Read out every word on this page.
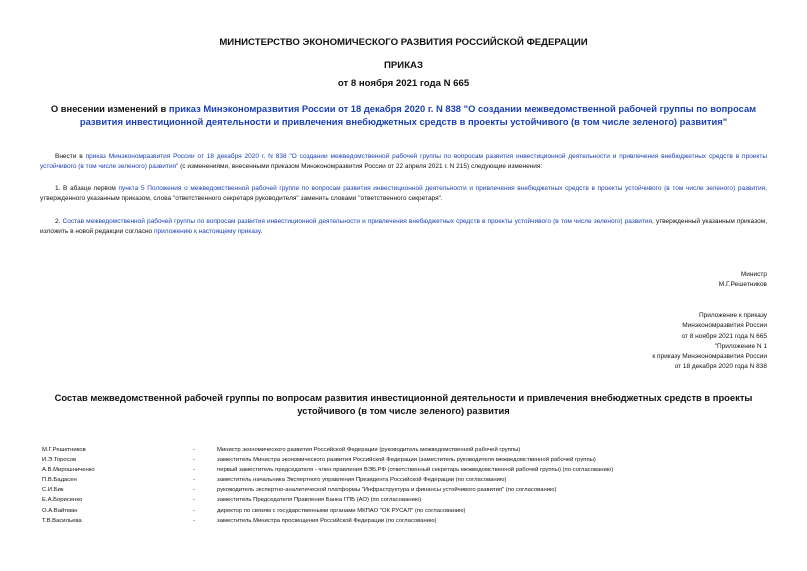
МИНИСТЕРСТВО ЭКОНОМИЧЕСКОГО РАЗВИТИЯ РОССИЙСКОЙ ФЕДЕРАЦИИ
ПРИКАЗ
от 8 ноября 2021 года N 665
О внесении изменений в приказ Минэкономразвития России от 18 декабря 2020 г. N 838 "О создании межведомственной рабочей группы по вопросам развития инвестиционной деятельности и привлечения внебюджетных средств в проекты устойчивого (в том числе зеленого) развития"
Внести в приказ Минэкономразвития России от 18 декабря 2020 г. N 838 "О создании межведомственной рабочей группы по вопросам развития инвестиционной деятельности и привлечения внебюджетных средств в проекты устойчивого (в том числе зеленого) развития" (с изменениями, внесенными приказом Минэкономразвития России от 22 апреля 2021 г. N 215) следующие изменения:
1. В абзаце первом пункта 5 Положения о межведомственной рабочей группе по вопросам развития инвестиционной деятельности и привлечения внебюджетных средств в проекты устойчивого (в том числе зеленого) развития, утвержденного указанным приказом, слова "ответственного секретаря руководителя" заменить словами "ответственного секретаря".
2. Состав межведомственной рабочей группы по вопросам развития инвестиционной деятельности и привлечения внебюджетных средств в проекты устойчивого (в том числе зеленого) развития, утвержденный указанным приказом, изложить в новой редакции согласно приложению к настоящему приказу.
Министр
М.Г.Решетников
Приложение к приказу
Минэкономразвития России
от 8 ноября 2021 года N 665
"Приложение N 1
к приказу Минэкономразвития России
от 18 декабря 2020 года N 838
Состав межведомственной рабочей группы по вопросам развития инвестиционной деятельности и привлечения внебюджетных средств в проекты устойчивого (в том числе зеленого) развития
М.Г.Решетников	-	Министр экономического развития Российской Федерации (руководитель межведомственной рабочей группы)
И.Э.Торосов	-	заместитель Министра экономического развития Российской Федерации (заместитель руководителя межведомственной рабочей группы)
А.В.Мирошниченко	-	первый заместитель председателя - член правления ВЭБ.РФ (ответственный секретарь межведомственной рабочей группы) (по согласованию)
П.В.Бадасен	-	заместитель начальника Экспертного управления Президента Российской Федерации (по согласованию)
С.И.Бик	-	руководитель экспертно-аналитической платформы "Инфраструктура и финансы устойчивого развития" (по согласованию)
Е.А.Борисенко	-	заместитель Председателя Правления Банка ГПБ (АО) (по согласованию)
О.А.Вайтман	-	директор по связям с государственными органами МКПАО "ОК РУСАЛ" (по согласованию)
Т.В.Васильева	-	заместитель Министра просвещения Российской Федерации (по согласованию)
